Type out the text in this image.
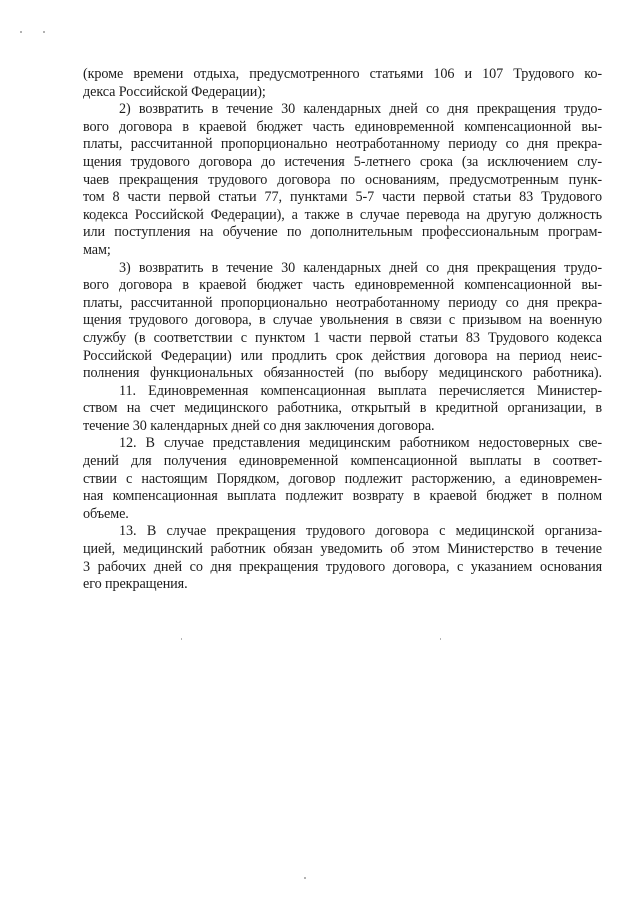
(кроме времени отдыха, предусмотренного статьями 106 и 107 Трудового ко-
декса Российской Федерации);
2) возвратить в течение 30 календарных дней со дня прекращения трудо-
вого договора в краевой бюджет часть единовременной компенсационной вы-
платы, рассчитанной пропорционально неотработанному периоду со дня прекра-
щения трудового договора до истечения 5-летнего срока (за исключением слу-
чаев прекращения трудового договора по основаниям, предусмотренным пунк-
том 8 части первой статьи 77, пунктами 5-7 части первой статьи 83 Трудового
кодекса Российской Федерации), а также в случае перевода на другую должность
или поступления на обучение по дополнительным профессиональным програм-
мам;
3) возвратить в течение 30 календарных дней со дня прекращения трудо-
вого договора в краевой бюджет часть единовременной компенсационной вы-
платы, рассчитанной пропорционально неотработанному периоду со дня прекра-
щения трудового договора, в случае увольнения в связи с призывом на военную
службу (в соответствии с пунктом 1 части первой статьи 83 Трудового кодекса
Российской Федерации) или продлить срок действия договора на период неис-
полнения функциональных обязанностей (по выбору медицинского работника).
11. Единовременная компенсационная выплата перечисляется Министер-
ством на счет медицинского работника, открытый в кредитной организации, в
течение 30 календарных дней со дня заключения договора.
12. В случае представления медицинским работником недостоверных све-
дений для получения единовременной компенсационной выплаты в соответ-
ствии с настоящим Порядком, договор подлежит расторжению, а единовремен-
ная компенсационная выплата подлежит возврату в краевой бюджет в полном
объеме.
13. В случае прекращения трудового договора с медицинской организа-
цией, медицинский работник обязан уведомить об этом Министерство в течение
3 рабочих дней со дня прекращения трудового договора, с указанием основания
его прекращения.
